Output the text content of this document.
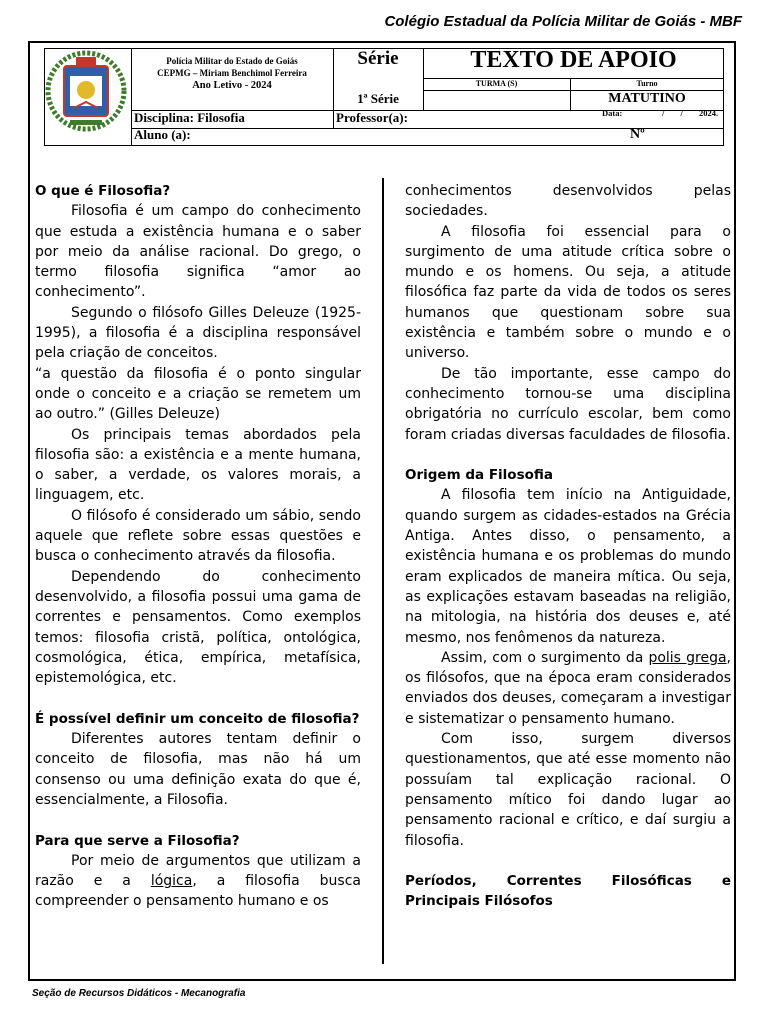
Colégio Estadual da Polícia Militar de Goiás - MBF
Polícia Militar do Estado de Goiás
CEPMG – Miriam Benchimol Ferreira
Ano Letivo - 2024
Série
1ª Série
TEXTO DE APOIO
TURMA (S)	Turno
MATUTINO
Disciplina: Filosofia	Professor(a):	Data:	/ / 2024.
Aluno (a):	Nº
O que é Filosofia?

Filosofia é um campo do conhecimento que estuda a existência humana e o saber por meio da análise racional. Do grego, o termo filosofia significa “amor ao conhecimento”.

Segundo o filósofo Gilles Deleuze (1925-1995), a filosofia é a disciplina responsável pela criação de conceitos.

“a questão da filosofia é o ponto singular onde o conceito e a criação se remetem um ao outro.” (Gilles Deleuze)

Os principais temas abordados pela filosofia são: a existência e a mente humana, o saber, a verdade, os valores morais, a linguagem, etc.

O filósofo é considerado um sábio, sendo aquele que reflete sobre essas questões e busca o conhecimento através da filosofia.

Dependendo do conhecimento desenvolvido, a filosofia possui uma gama de correntes e pensamentos. Como exemplos temos: filosofia cristã, política, ontológica, cosmológica, ética, empírica, metafísica, epistemológica, etc.

É possível definir um conceito de filosofia?

Diferentes autores tentam definir o conceito de filosofia, mas não há um consenso ou uma definição exata do que é, essencialmente, a Filosofia.

Para que serve a Filosofia?

Por meio de argumentos que utilizam a razão e a lógica, a filosofia busca compreender o pensamento humano e os

conhecimentos desenvolvidos pelas sociedades.

A filosofia foi essencial para o surgimento de uma atitude crítica sobre o mundo e os homens. Ou seja, a atitude filosófica faz parte da vida de todos os seres humanos que questionam sobre sua existência e também sobre o mundo e o universo.

De tão importante, esse campo do conhecimento tornou-se uma disciplina obrigatória no currículo escolar, bem como foram criadas diversas faculdades de filosofia.

Origem da Filosofia

A filosofia tem início na Antiguidade, quando surgem as cidades-estados na Grécia Antiga. Antes disso, o pensamento, a existência humana e os problemas do mundo eram explicados de maneira mítica. Ou seja, as explicações estavam baseadas na religião, na mitologia, na história dos deuses e, até mesmo, nos fenômenos da natureza.

Assim, com o surgimento da polis grega, os filósofos, que na época eram considerados enviados dos deuses, começaram a investigar e sistematizar o pensamento humano.

Com isso, surgem diversos questionamentos, que até esse momento não possuíam tal explicação racional. O pensamento mítico foi dando lugar ao pensamento racional e crítico, e daí surgiu a filosofia.

Períodos, Correntes Filosóficas e Principais Filósofos
Seção de Recursos Didáticos - Mecanografia
